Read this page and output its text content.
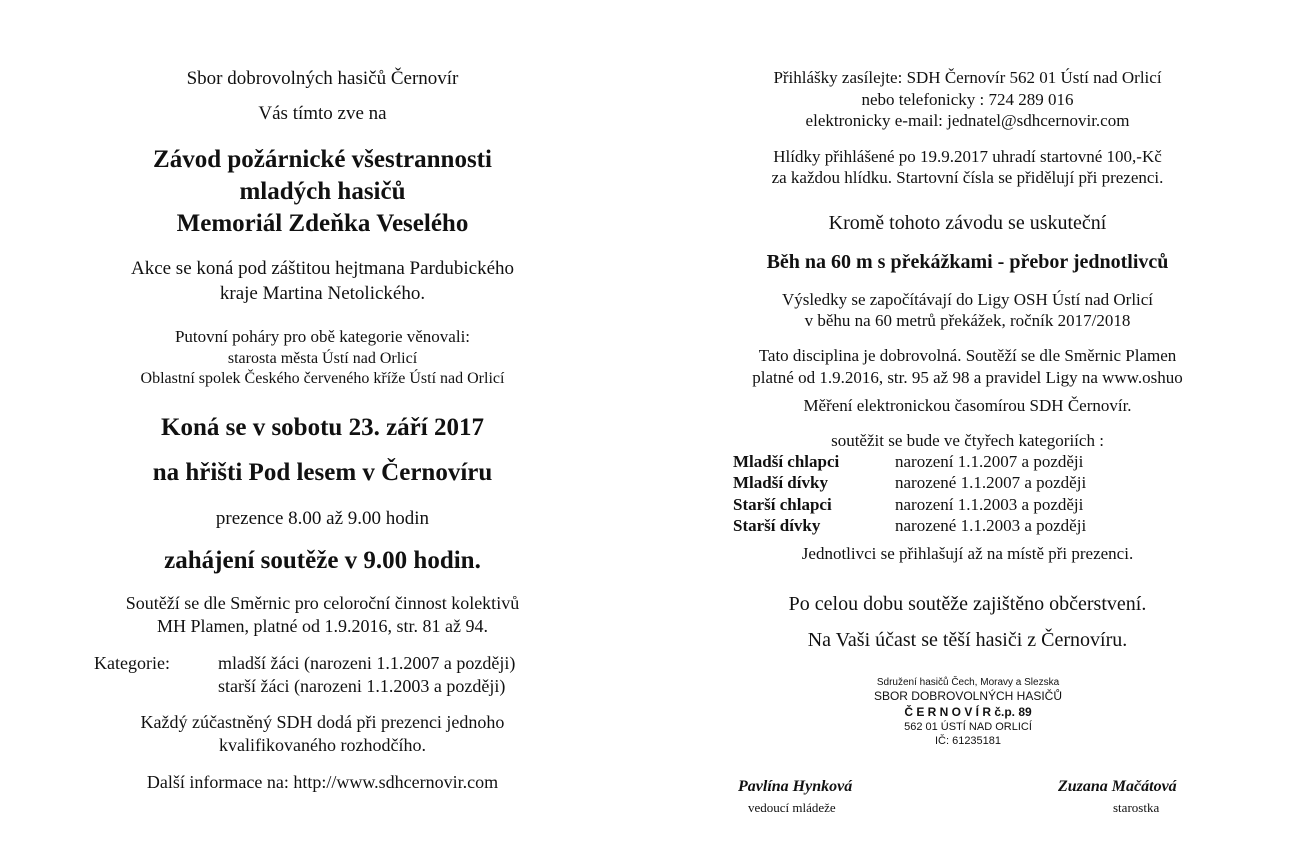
Sbor dobrovolných hasičů Černovír
Vás tímto zve na
Závod požárnické všestrannosti
mladých hasičů
Memoriál Zdeňka Veselého
Akce se koná pod záštitou hejtmana Pardubického
kraje Martina Netolického.
Putovní poháry pro obě kategorie věnovali:
starosta města Ústí nad Orlicí
Oblastní spolek Českého červeného kříže Ústí nad Orlicí
Koná se v sobotu 23. září 2017
na hřišti Pod lesem v Černovíru
prezence 8.00 až 9.00 hodin
zahájení soutěže v 9.00 hodin.
Soutěží se dle Směrnic pro celoroční činnost kolektivů
MH Plamen, platné od 1.9.2016, str. 81 až 94.
Kategorie:	mladší žáci (narozeni 1.1.2007 a později)
starší žáci (narozeni 1.1.2003 a později)
Každý zúčastněný SDH dodá při prezenci jednoho
kvalifikovaného rozhodčího.
Další informace na: http://www.sdhcernovir.com
Přihlášky zasílejte: SDH Černovír 562 01 Ústí nad Orlicí
nebo telefonicky : 724 289 016
elektronicky e-mail: jednatel@sdhcernovir.com
Hlídky přihlášené po 19.9.2017 uhradí startovné 100,-Kč
za každou hlídku. Startovní čísla se přidělují při prezenci.
Kromě tohoto závodu se uskuteční
Běh na 60 m s překážkami - přebor jednotlivců
Výsledky se započítávají do Ligy OSH Ústí nad Orlicí
v běhu na 60 metrů překážek, ročník 2017/2018
Tato disciplina je dobrovolná. Soutěží se dle Směrnic Plamen
platné od 1.9.2016, str. 95 až 98 a pravidel Ligy na www.oshuo
Měření elektronickou časomírou SDH Černovír.
soutěžit se bude ve čtyřech kategoriích :
Mladší chlapci	narození 1.1.2007 a později
Mladší dívky	narozené 1.1.2007 a později
Starší chlapci	narození 1.1.2003 a později
Starší dívky	narozené 1.1.2003 a později
Jednotlivci se přihlašují až na místě při prezenci.
Po celou dobu soutěže zajištěno občerstvení.
Na Vaši účast se těší hasiči z Černovíru.
Sdružení hasičů Čech, Moravy a Slezska
SBOR DOBROVOLNÝCH HASIČŮ
Č E R N O V Í R č.p. 89
562 01 ÚSTÍ NAD ORLICÍ
IČ: 61235181
Pavlína Hynková
vedoucí mládeže
Zuzana Mačátová
starostka
